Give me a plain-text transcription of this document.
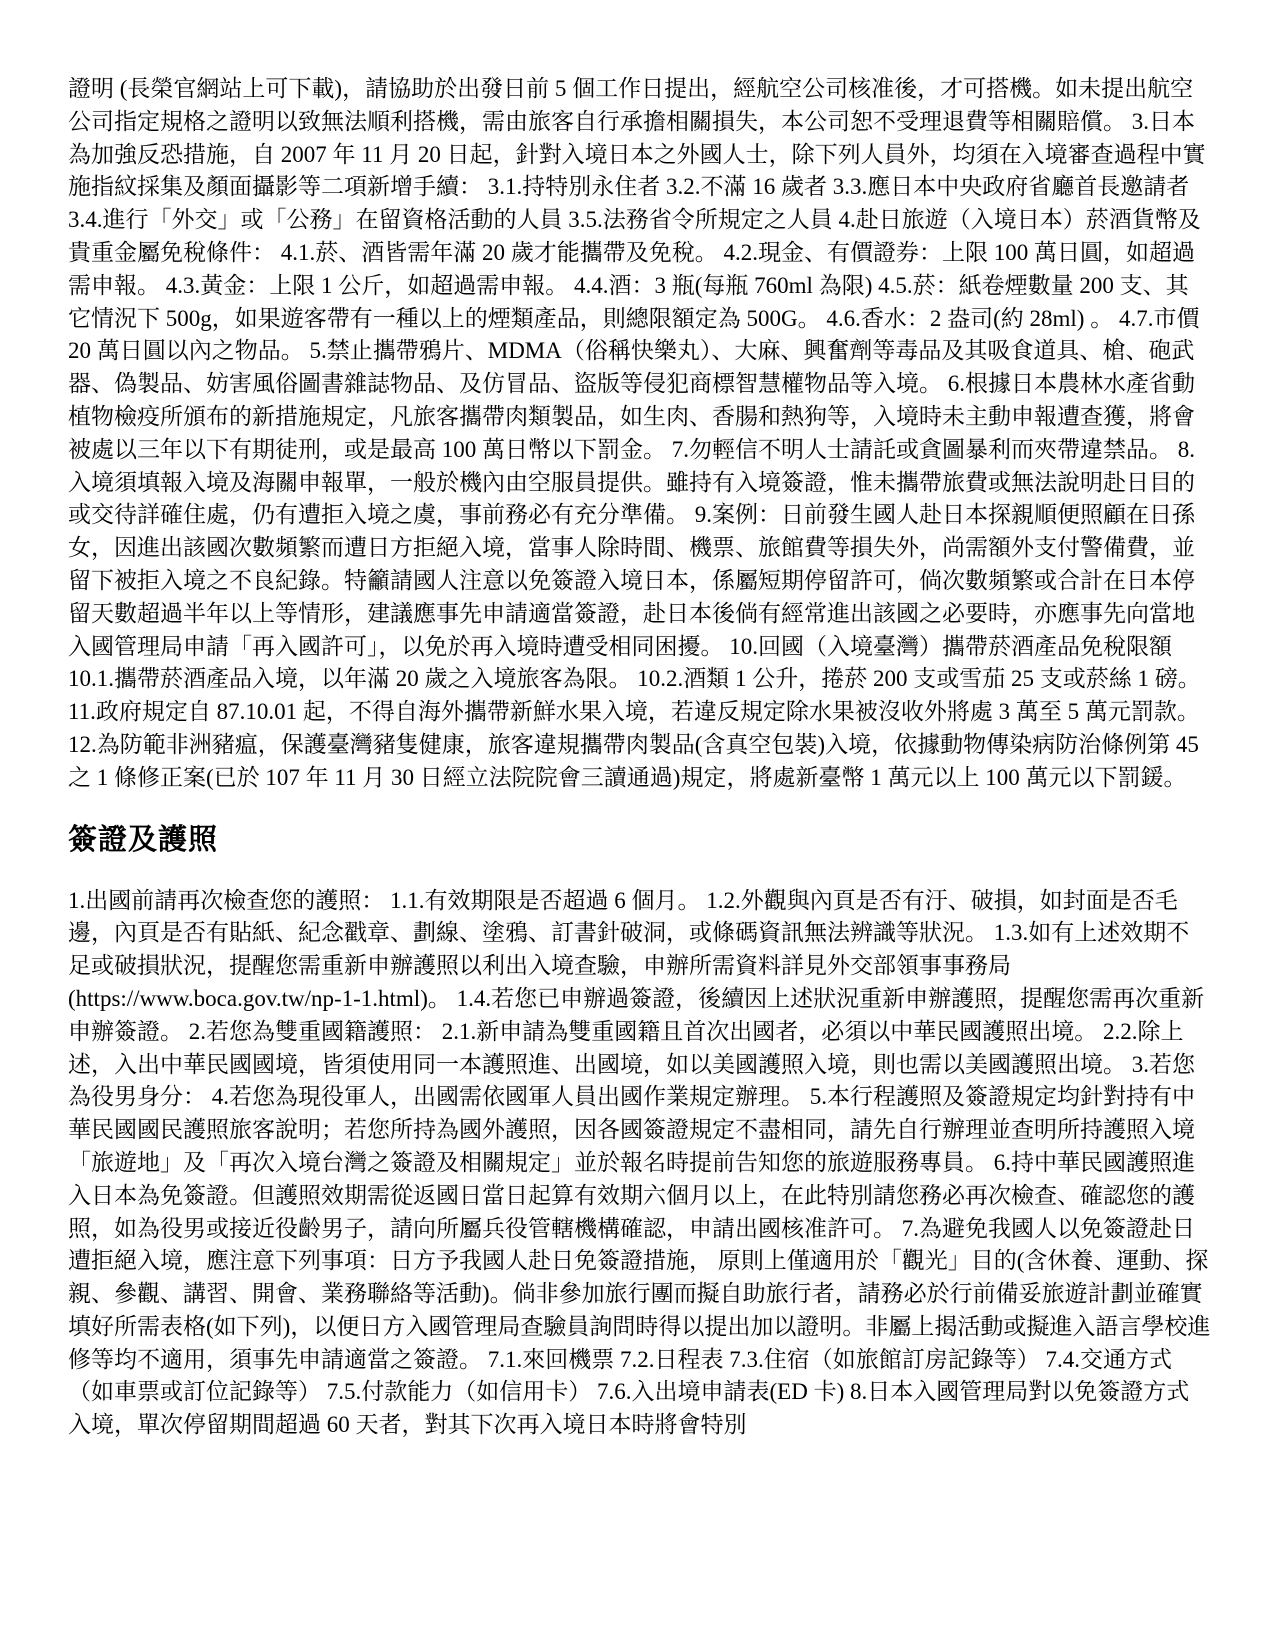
證明 (長榮官網站上可下載)，請協助於出發日前 5 個工作日提出，經航空公司核准後，才可搭機。如未提出航空公司指定規格之證明以致無法順利搭機，需由旅客自行承擔相關損失，本公司恕不受理退費等相關賠償。 3.日本為加強反恐措施，自 2007 年 11 月 20 日起，針對入境日本之外國人士，除下列人員外，均須在入境審查過程中實施指紋採集及顏面攝影等二項新增手續： 3.1.持特別永住者 3.2.不滿 16 歲者 3.3.應日本中央政府省廳首長邀請者 3.4.進行「外交」或「公務」在留資格活動的人員 3.5.法務省令所規定之人員 4.赴日旅遊（入境日本）菸酒貨幣及貴重金屬免稅條件： 4.1.菸、酒皆需年滿 20 歲才能攜帶及免稅。 4.2.現金、有價證券：上限 100 萬日圓，如超過需申報。 4.3.黃金：上限 1 公斤，如超過需申報。 4.4.酒：3 瓶(每瓶 760ml 為限) 4.5.菸：紙卷煙數量 200 支、其它情況下 500g，如果遊客帶有一種以上的煙類產品，則總限額定為 500G。 4.6.香水：2 盎司(約 28ml) 。 4.7.市價 20 萬日圓以內之物品。 5.禁止攜帶鴉片、MDMA（俗稱快樂丸）、大麻、興奮劑等毒品及其吸食道具、槍、砲武器、偽製品、妨害風俗圖書雜誌物品、及仿冒品、盜版等侵犯商標智慧權物品等入境。 6.根據日本農林水產省動植物檢疫所頒布的新措施規定，凡旅客攜帶肉類製品，如生肉、香腸和熱狗等，入境時未主動申報遭查獲，將會被處以三年以下有期徒刑，或是最高 100 萬日幣以下罰金。 7.勿輕信不明人士請託或貪圖暴利而夾帶違禁品。 8.入境須填報入境及海關申報單，一般於機內由空服員提供。雖持有入境簽證，惟未攜帶旅費或無法說明赴日目的或交待詳確住處，仍有遭拒入境之虞，事前務必有充分準備。 9.案例：日前發生國人赴日本探親順便照顧在日孫女，因進出該國次數頻繁而遭日方拒絕入境，當事人除時間、機票、旅館費等損失外，尚需額外支付警備費，並留下被拒入境之不良紀錄。特籲請國人注意以免簽證入境日本，係屬短期停留許可，倘次數頻繁或合計在日本停留天數超過半年以上等情形，建議應事先申請適當簽證，赴日本後倘有經常進出該國之必要時，亦應事先向當地入國管理局申請「再入國許可」，以免於再入境時遭受相同困擾。 10.回國（入境臺灣）攜帶菸酒產品免稅限額 10.1.攜帶菸酒產品入境，以年滿 20 歲之入境旅客為限。 10.2.酒類 1 公升，捲菸 200 支或雪茄 25 支或菸絲 1 磅。 11.政府規定自 87.10.01 起，不得自海外攜帶新鮮水果入境，若違反規定除水果被沒收外將處 3 萬至 5 萬元罰款。 12.為防範非洲豬瘟，保護臺灣豬隻健康，旅客違規攜帶肉製品(含真空包裝)入境，依據動物傳染病防治條例第 45 之 1 條修正案(已於 107 年 11 月 30 日經立法院院會三讀通過)規定，將處新臺幣 1 萬元以上 100 萬元以下罰鍰。

簽證及護照

1.出國前請再次檢查您的護照： 1.1.有效期限是否超過 6 個月。 1.2.外觀與內頁是否有汙、破損，如封面是否毛邊，內頁是否有貼紙、紀念戳章、劃線、塗鴉、訂書針破洞，或條碼資訊無法辨識等狀況。 1.3.如有上述效期不足或破損狀況，提醒您需重新申辦護照以利出入境查驗，申辦所需資料詳見外交部領事事務局(https://www.boca.gov.tw/np-1-1.html)。 1.4.若您已申辦過簽證，後續因上述狀況重新申辦護照，提醒您需再次重新申辦簽證。 2.若您為雙重國籍護照： 2.1.新申請為雙重國籍且首次出國者，必須以中華民國護照出境。 2.2.除上述，入出中華民國國境，皆須使用同一本護照進、出國境，如以美國護照入境，則也需以美國護照出境。 3.若您為役男身分： 4.若您為現役軍人，出國需依國軍人員出國作業規定辦理。 5.本行程護照及簽證規定均針對持有中華民國國民護照旅客說明；若您所持為國外護照，因各國簽證規定不盡相同，請先自行辦理並查明所持護照入境「旅遊地」及「再次入境台灣之簽證及相關規定」並於報名時提前告知您的旅遊服務專員。 6.持中華民國護照進入日本為免簽證。但護照效期需從返國日當日起算有效期六個月以上，在此特別請您務必再次檢查、確認您的護照，如為役男或接近役齡男子，請向所屬兵役管轄機構確認，申請出國核准許可。 7.為避免我國人以免簽證赴日遭拒絕入境，應注意下列事項：日方予我國人赴日免簽證措施， 原則上僅適用於「觀光」目的(含休養、運動、探親、參觀、講習、開會、業務聯絡等活動)。倘非參加旅行團而擬自助旅行者，請務必於行前備妥旅遊計劃並確實填好所需表格(如下列)，以便日方入國管理局查驗員詢問時得以提出加以證明。非屬上揭活動或擬進入語言學校進修等均不適用，須事先申請適當之簽證。 7.1.來回機票 7.2.日程表 7.3.住宿（如旅館訂房記錄等） 7.4.交通方式（如車票或訂位記錄等） 7.5.付款能力（如信用卡） 7.6.入出境申請表(ED 卡) 8.日本入國管理局對以免簽證方式入境，單次停留期間超過 60 天者，對其下次再入境日本時將會特別
